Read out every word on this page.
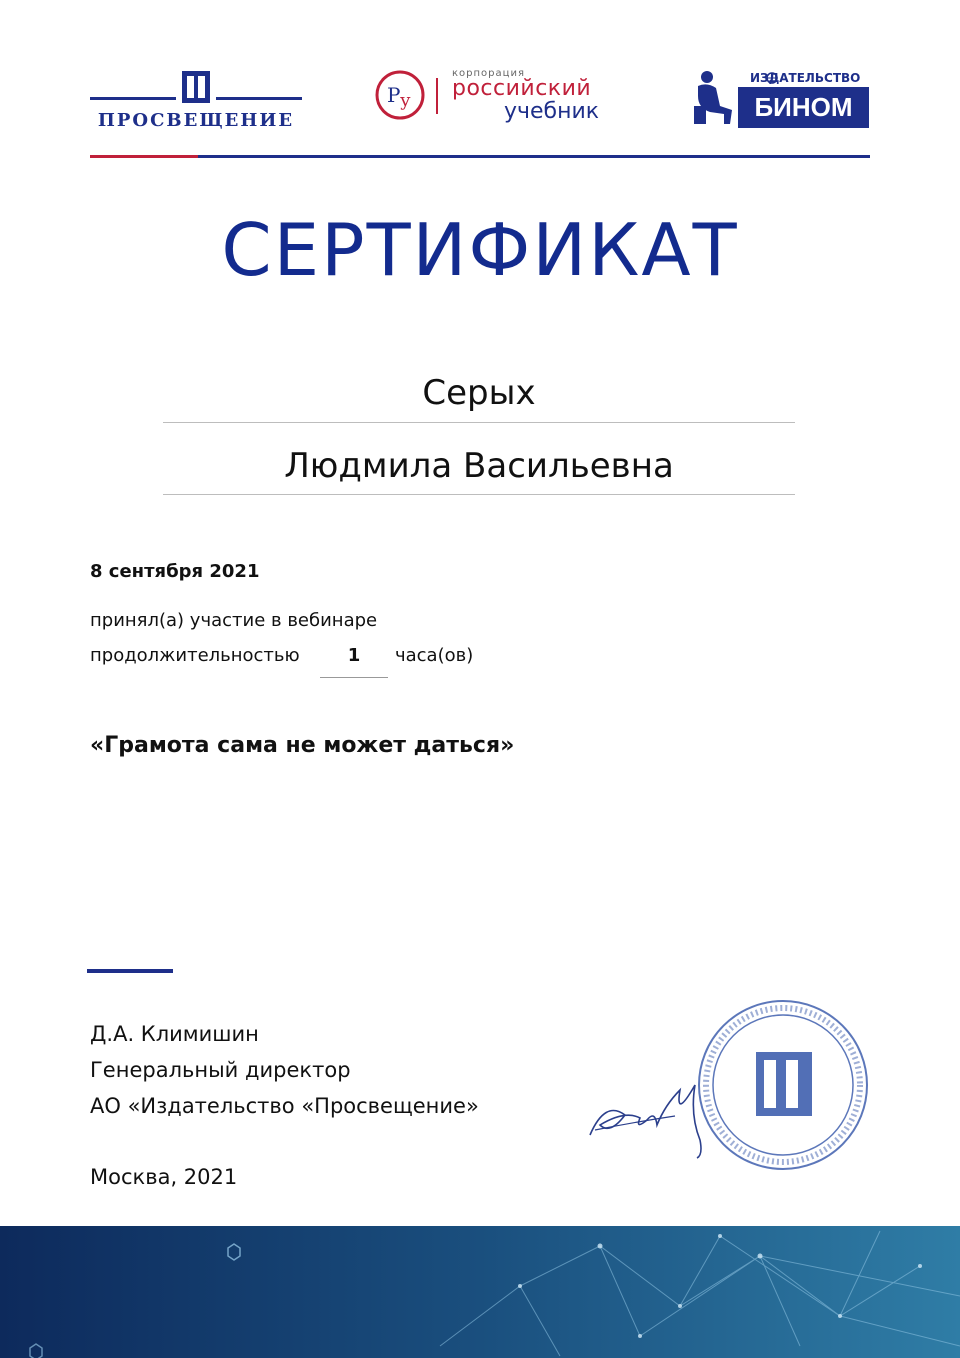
ПРОСВЕЩЕНИЕ
Р у
корпорация
российский
учебник
ИЗДАТЕЛЬСТВО
БИНОМ
СЕРТИФИКАТ
Серых
Людмила Васильевна
8 сентября 2021
принял(а) участие в вебинаре
продолжительностью	1	часа(ов)
«Грамота сама не может даться»
Д.А. Климишин
Генеральный директор
АО «Издательство «Просвещение»
Москва, 2021
